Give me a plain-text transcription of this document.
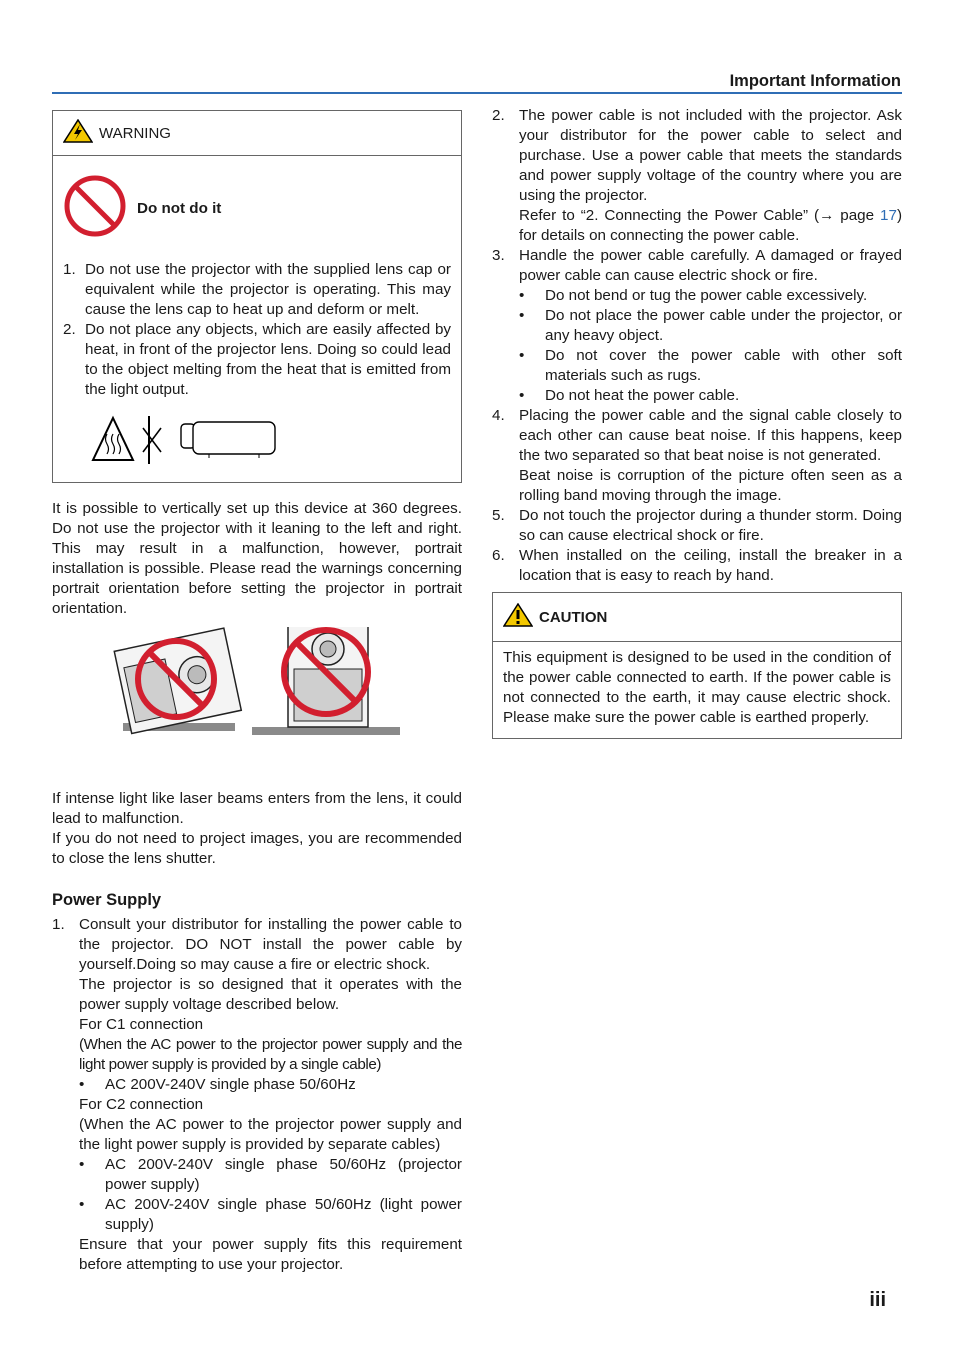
Important Information
WARNING
Do not do it
1. Do not use the projector with the supplied lens cap or equivalent while the projector is operating. This may cause the lens cap to heat up and deform or melt.
2. Do not place any objects, which are easily affected by heat, in front of the projector lens. Doing so could lead to the object melting from the heat that is emitted from the light output.

It is possible to vertically set up this device at 360 degrees. Do not use the projector with it leaning to the left and right. This may result in a malfunction, however, portrait installation is possible. Please read the warnings concerning portrait orientation before setting the projector in portrait orientation.

If intense light like laser beams enters from the lens, it could lead to malfunction.

If you do not need to project images, you are recommended to close the lens shutter.

Power Supply
1. Consult your distributor for installing the power cable to the projector. DO NOT install the power cable by yourself.Doing so may cause a fire or electric shock.

The projector is so designed that it operates with the power supply voltage described below.

For C1 connection

(When the AC power to the projector power supply and the light power supply is provided by a single cable)

• AC 200V-240V single phase 50/60Hz

For C2 connection

(When the AC power to the projector power supply and the light power supply is provided by separate cables)

• AC 200V-240V single phase 50/60Hz (projector power supply)
• AC 200V-240V single phase 50/60Hz (light power supply)

Ensure that your power supply fits this requirement before attempting to use your projector.

2. The power cable is not included with the projector. Ask your distributor for the power cable to select and purchase. Use a power cable that meets the standards and power supply voltage of the country where you are using the projector.

Refer to “2. Connecting the Power Cable” (→ page 17) for details on connecting the power cable.

3. Handle the power cable carefully. A damaged or frayed power cable can cause electric shock or fire.

• Do not bend or tug the power cable excessively.
• Do not place the power cable under the projector, or any heavy object.
• Do not cover the power cable with other soft materials such as rugs.
• Do not heat the power cable.
4. Placing the power cable and the signal cable closely to each other can cause beat noise. If this happens, keep the two separated so that beat noise is not generated.

Beat noise is corruption of the picture often seen as a rolling band moving through the image.

5. Do not touch the projector during a thunder storm. Doing so can cause electrical shock or fire.

6. When installed on the ceiling, install the breaker in a location that is easy to reach by hand.

CAUTION

This equipment is designed to be used in the condition of the power cable connected to earth. If the power cable is not connected to the earth, it may cause electric shock. Please make sure the power cable is earthed properly.

iii
